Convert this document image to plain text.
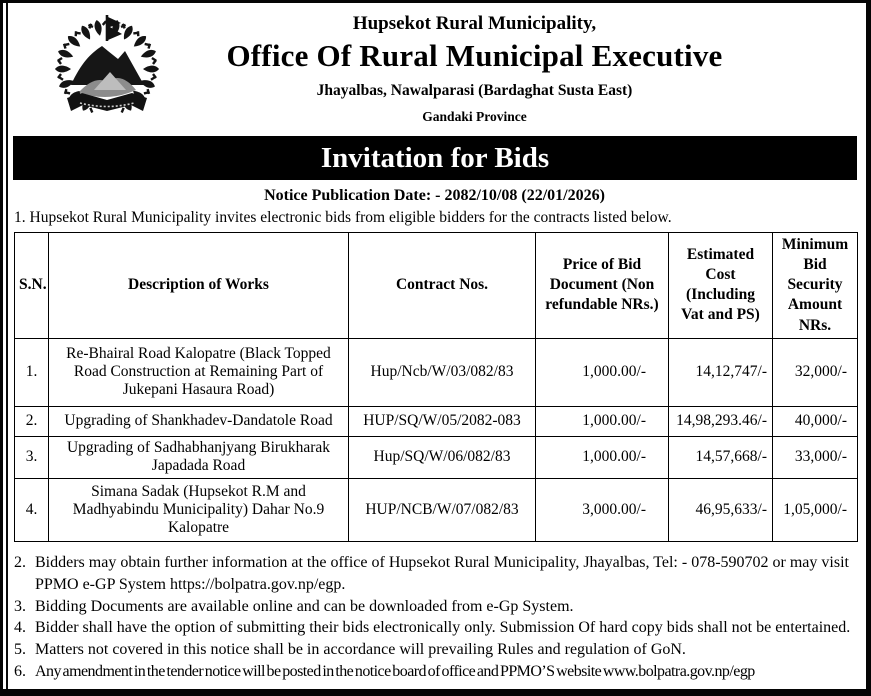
Hupsekot Rural Municipality,
Office Of Rural Municipal Executive
Jhayalbas, Nawalparasi (Bardaghat Susta East)
Gandaki Province
Invitation for Bids
Notice Publication Date: - 2082/10/08 (22/01/2026)
1. Hupsekot Rural Municipality invites electronic bids from eligible bidders for the contracts listed below.
S.N.	Description of Works	Contract Nos.	Price of Bid Document (Non refundable NRs.)	Estimated Cost (Including Vat and PS)	Minimum Bid Security Amount NRs.
1.	Re-Bhairal Road Kalopatre (Black Topped Road Construction at Remaining Part of Jukepani Hasaura Road)	Hup/Ncb/W/03/082/83	1,000.00/-	14,12,747/-	32,000/-
2.	Upgrading of Shankhadev-Dandatole Road	HUP/SQ/W/05/2082-083	1,000.00/-	14,98,293.46/-	40,000/-
3.	Upgrading of Sadhabhanjyang Birukharak Japadada Road	Hup/SQ/W/06/082/83	1,000.00/-	14,57,668/-	33,000/-
4.	Simana Sadak (Hupsekot R.M and Madhyabindu Municipality) Dahar No.9 Kalopatre	HUP/NCB/W/07/082/83	3,000.00/-	46,95,633/-	1,05,000/-
2. Bidders may obtain further information at the office of Hupsekot Rural Municipality, Jhayalbas, Tel: - 078-590702 or may visit PPMO e-GP System https://bolpatra.gov.np/egp.
3. Bidding Documents are available online and can be downloaded from e-Gp System.
4. Bidder shall have the option of submitting their bids electronically only. Submission Of hard copy bids shall not be entertained.
5. Matters not covered in this notice shall be in accordance will prevailing Rules and regulation of GoN.
6. Any amendment in the tender notice will be posted in the notice board of office and PPMO’S website www.bolpatra.gov.np/egp
